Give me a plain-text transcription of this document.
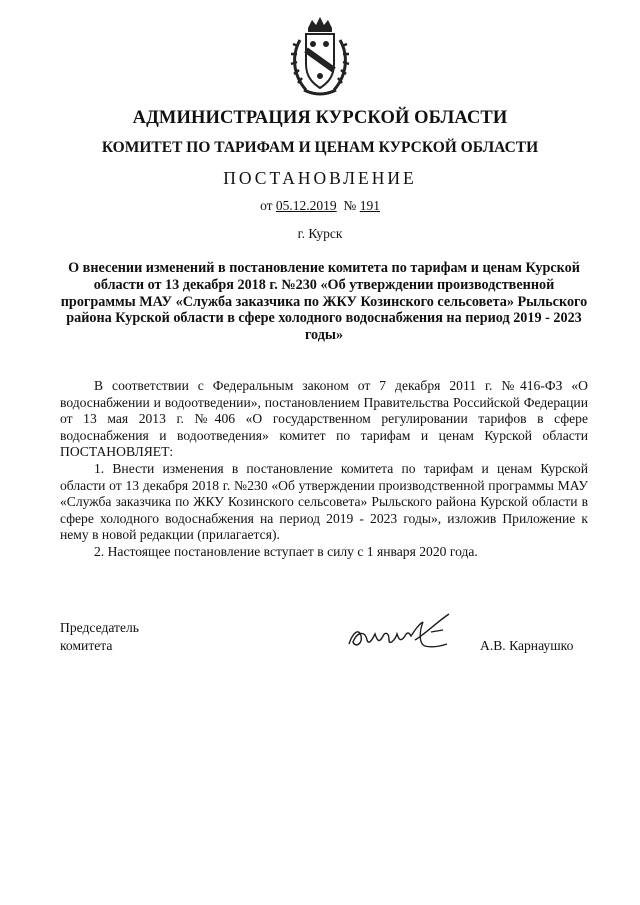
АДМИНИСТРАЦИЯ КУРСКОЙ ОБЛАСТИ
КОМИТЕТ ПО ТАРИФАМ И ЦЕНАМ КУРСКОЙ ОБЛАСТИ
ПОСТАНОВЛЕНИЕ
от 05.12.2019 № 191
г. Курск
О внесении изменений в постановление комитета по тарифам и ценам Курской области от 13 декабря 2018 г. №230 «Об утверждении производственной программы МАУ «Служба заказчика по ЖКУ Козинского сельсовета» Рыльского района Курской области в сфере холодного водоснабжения на период 2019 - 2023 годы»

В соответствии с Федеральным законом от 7 декабря 2011 г. №416-ФЗ «О водоснабжении и водоотведении», постановлением Правительства Российской Федерации от 13 мая 2013 г. №406 «О государственном регулировании тарифов в сфере водоснабжения и водоотведения» комитет по тарифам и ценам Курской области ПОСТАНОВЛЯЕТ:

1. Внести изменения в постановление комитета по тарифам и ценам Курской области от 13 декабря 2018 г. №230 «Об утверждении производственной программы МАУ «Служба заказчика по ЖКУ Козинского сельсовета» Рыльского района Курской области в сфере холодного водоснабжения на период 2019 - 2023 годы», изложив Приложение к нему в новой редакции (прилагается).

2. Настоящее постановление вступает в силу с 1 января 2020 года.

Председатель
комитета	А.В. Карнаушко
